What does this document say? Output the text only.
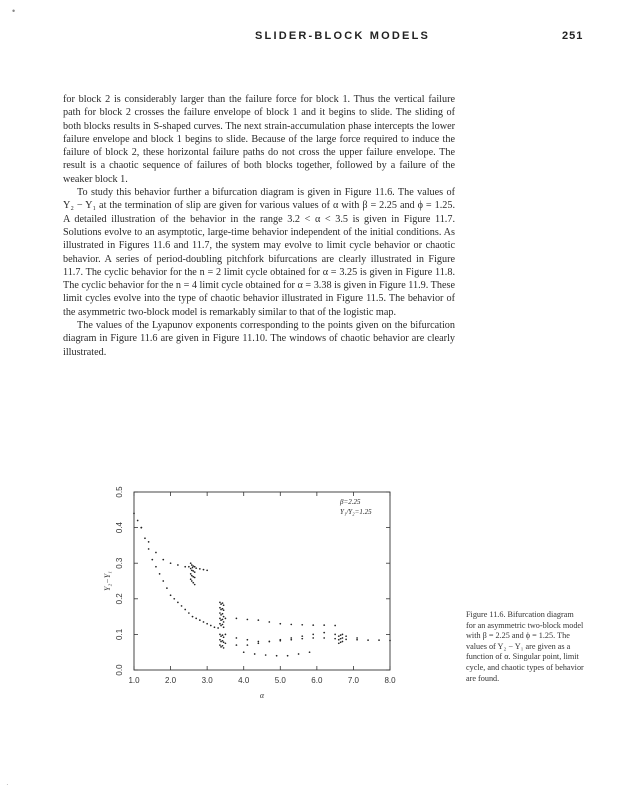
•
·
SLIDER-BLOCK MODELS	251

for block 2 is considerably larger than the failure force for block 1. Thus the vertical failure path for block 2 crosses the failure envelope of block 1 and it begins to slide. The sliding of both blocks results in S-shaped curves. The next strain-accumulation phase intercepts the lower failure envelope and block 1 begins to slide. Because of the large force required to induce the failure of block 2, these horizontal failure paths do not cross the upper failure envelope. The result is a chaotic sequence of failures of both blocks together, followed by a failure of the weaker block 1.

To study this behavior further a bifurcation diagram is given in Figure 11.6. The values of Y₂ − Y₁ at the termination of slip are given for various values of α with β = 2.25 and ϕ = 1.25. A detailed illustration of the behavior in the range 3.2 < α < 3.5 is given in Figure 11.7. Solutions evolve to an asymptotic, large-time behavior independent of the initial conditions. As illustrated in Figures 11.6 and 11.7, the system may evolve to limit cycle behavior or chaotic behavior. A series of period-doubling pitchfork bifurcations are clearly illustrated in Figure 11.7. The cyclic behavior for the n = 2 limit cycle obtained for α = 3.25 is given in Figure 11.8. The cyclic behavior for the n = 4 limit cycle obtained for α = 3.38 is given in Figure 11.9. These limit cycles evolve into the type of chaotic behavior illustrated in Figure 11.5. The behavior of the asymmetric two-block model is remarkably similar to that of the logistic map.

The values of the Lyapunov exponents corresponding to the points given on the bifurcation diagram in Figure 11.6 are given in Figure 11.10. The windows of chaotic behavior are clearly illustrated.

1.0	2.0	3.0	4.0	5.0	6.0	7.0	8.0
0.0
0.1
0.2
0.3
0.4
0.5
α
Y₂−Y₁
β=2.25
Y₁/Y₂=1.25

Figure 11.6. Bifurcation diagram for an asymmetric two-block model with β = 2.25 and ϕ = 1.25. The values of Y₂ − Y₁ are given as a function of α. Singular point, limit cycle, and chaotic types of behavior are found.
